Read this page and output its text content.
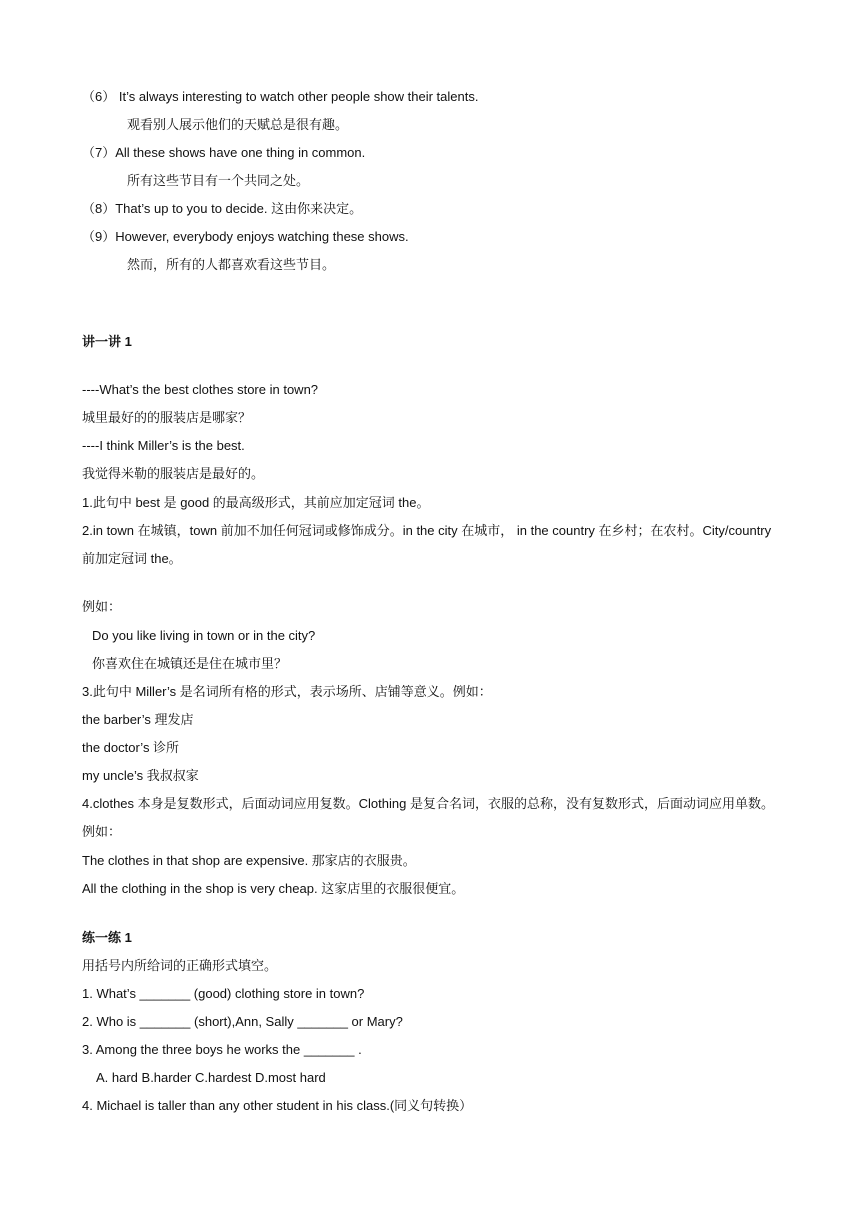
（6） It’s always interesting to watch other people show their talents.
观看别人展示他们的天赋总是很有趣。
（7）All these shows have one thing in common.
所有这些节目有一个共同之处。
（8）That’s up to you to decide. 这由你来决定。
（9）However, everybody enjoys watching these shows.
然而，所有的人都喜欢看这些节目。
讲一讲 1
----What’s the best clothes store in town?
城里最好的的服装店是哪家？
----I think Miller’s is the best.
我觉得米勒的服装店是最好的。
1.此句中 best 是 good 的最高级形式，其前应加定冠词 the。
2.in town 在城镇，town 前加不加任何冠词或修饰成分。in the city 在城市， in the country 在乡村；在农村。City/country 前加定冠词 the。
例如：
Do you like living in town or in the city?
你喜欢住在城镇还是住在城市里？
3.此句中 Miller’s 是名词所有格的形式，表示场所、店铺等意义。例如：
the barber’s 理发店
the doctor’s 诊所
my uncle’s 我叔叔家
4.clothes 本身是复数形式，后面动词应用复数。Clothing 是复合名词，衣服的总称，没有复数形式，后面动词应用单数。例如：
The clothes in that shop are expensive. 那家店的衣服贵。
All the clothing in the shop is very cheap. 这家店里的衣服很便宜。
练一练 1
用括号内所给词的正确形式填空。
1. What’s _______ (good) clothing store in town?
2. Who is _______ (short),Ann, Sally _______ or Mary?
3. Among the three boys he works the _______ .
A. hard B.harder C.hardest D.most hard
4. Michael is taller than any other student in his class.(同义句转换）
